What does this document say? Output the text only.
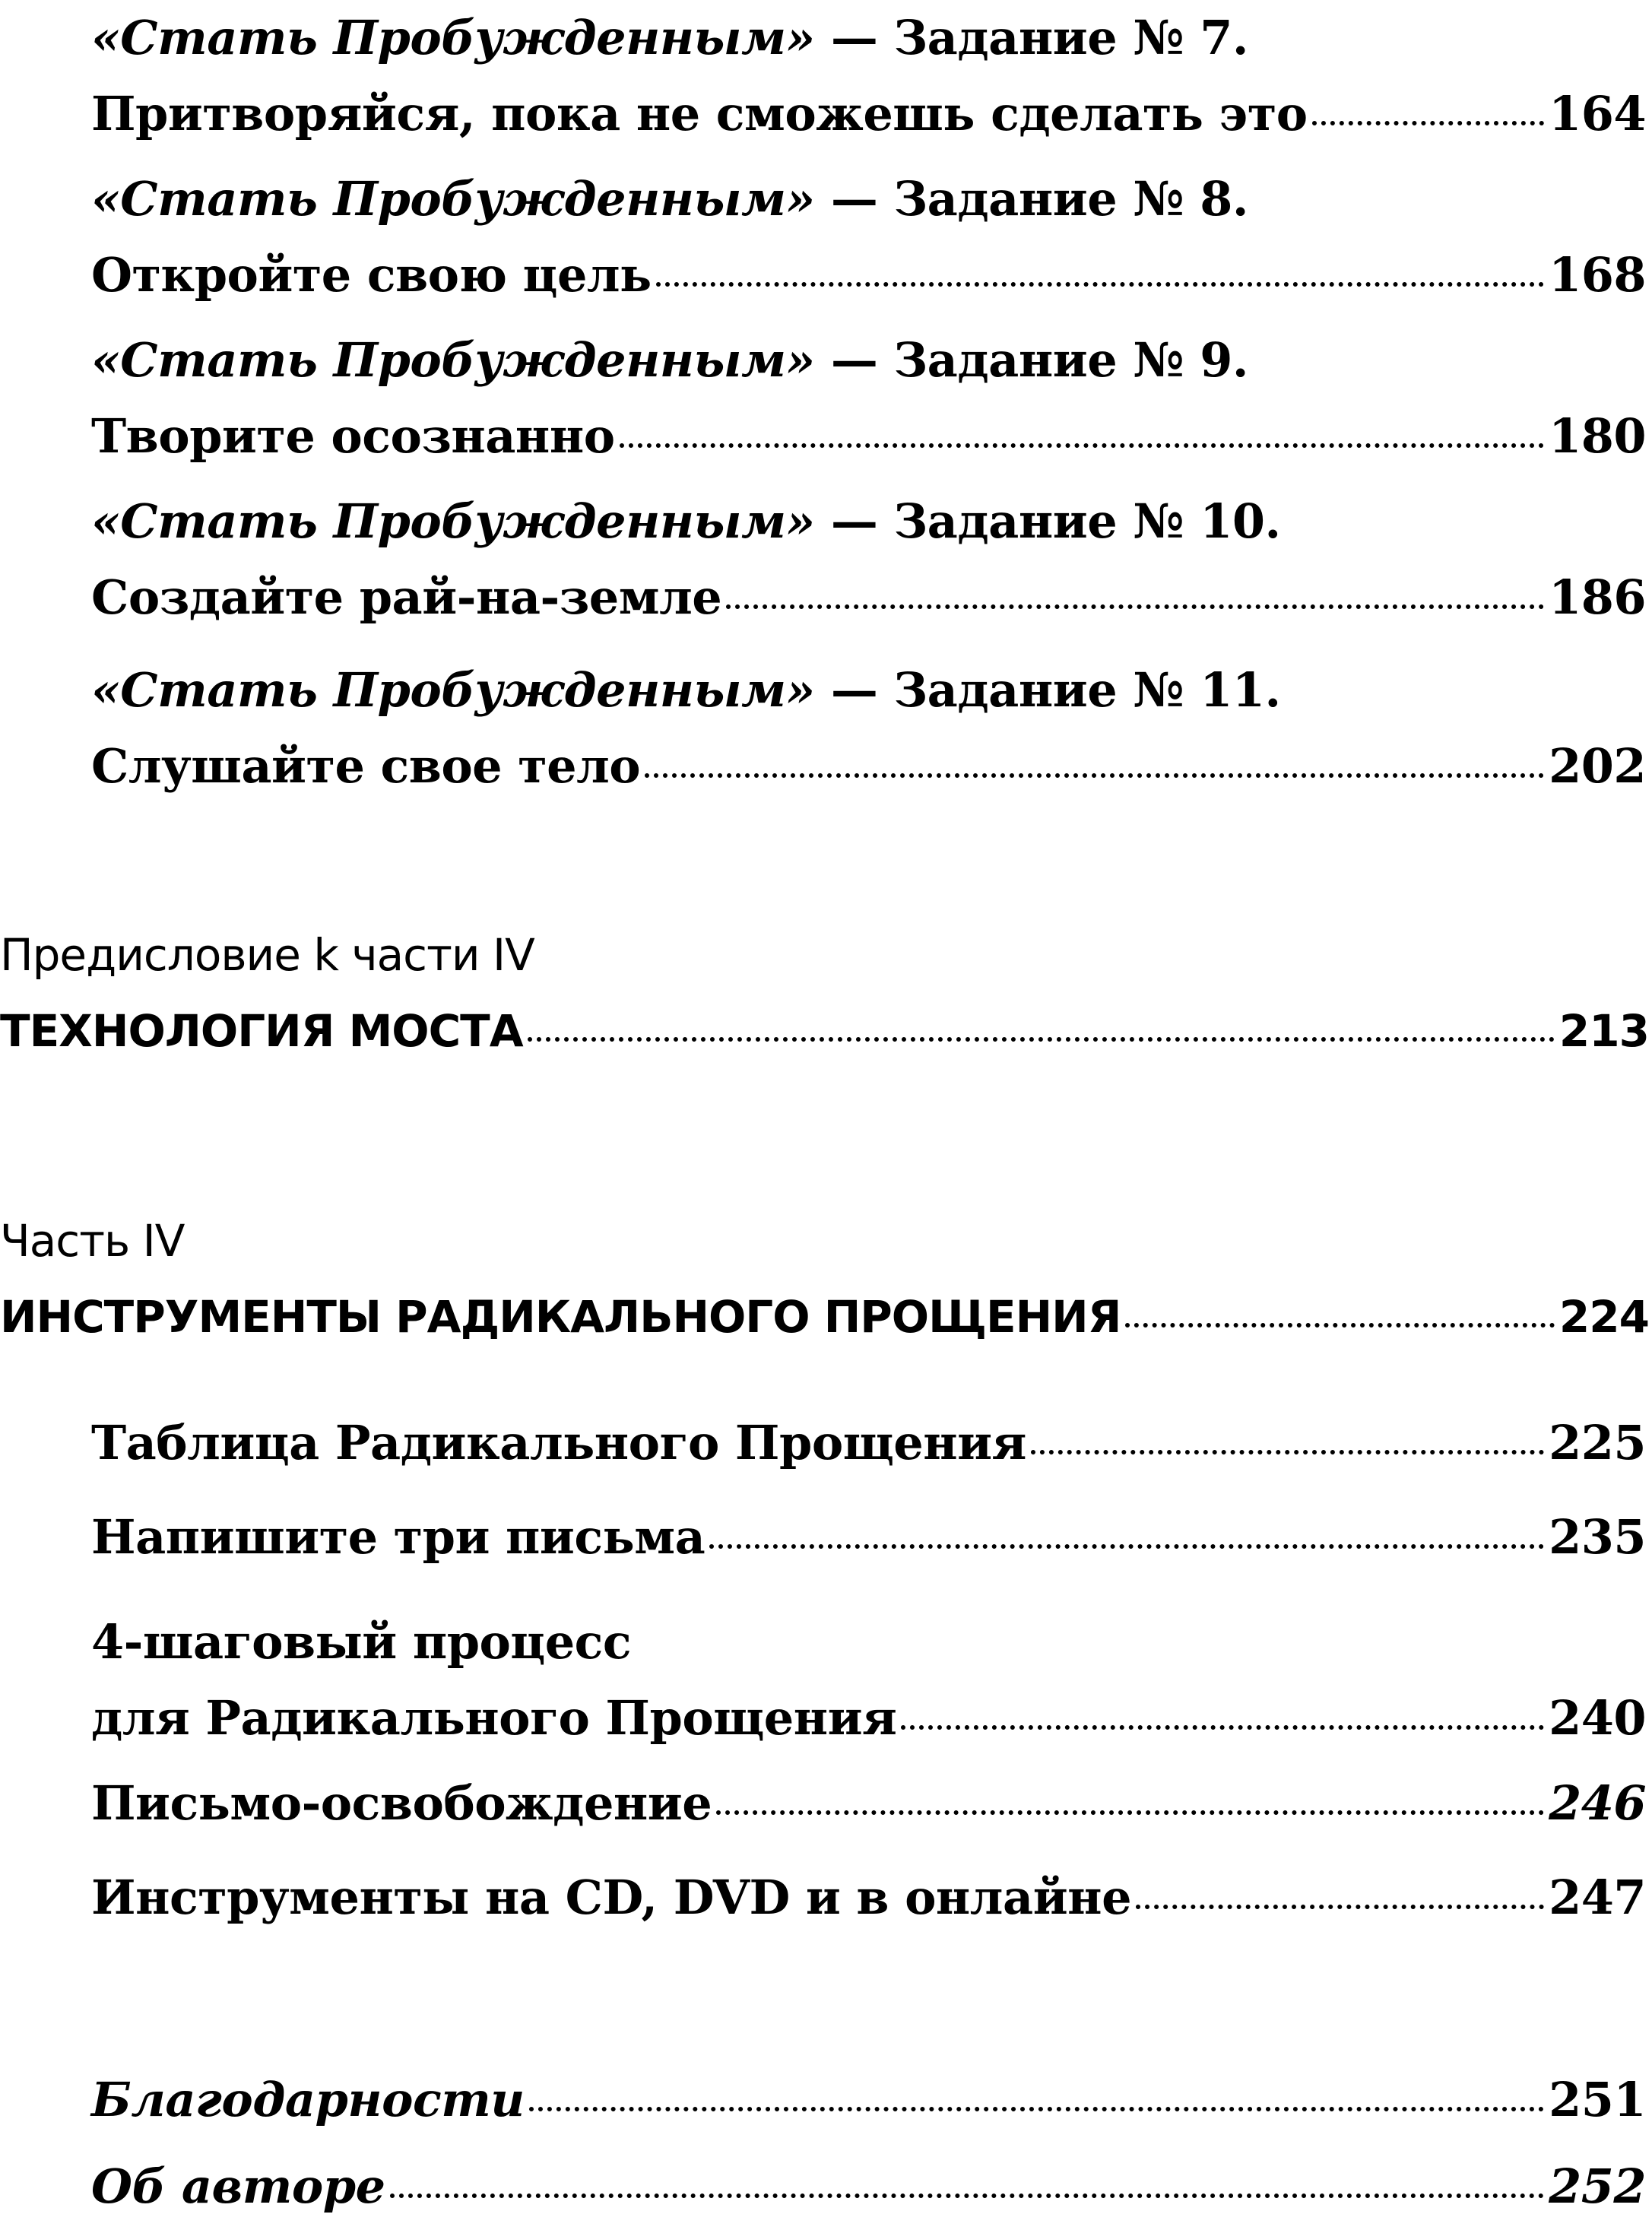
«Стать Пробужденным» — Задание № 7.
Притворяйся, пока не сможешь сделать это	164
«Стать Пробужденным» — Задание № 8.
Откройте свою цель	168
«Стать Пробужденным» — Задание № 9.
Творите осознанно	180
«Стать Пробужденным» — Задание № 10.
Создайте рай-на-земле	186
«Стать Пробужденным» — Задание № 11.
Слушайте свое тело	202
Предисловие k части IV
ТЕХНОЛОГИЯ МОСТА	213
Часть IV
ИНСТРУМЕНТЫ РАДИКАЛЬНОГО ПРОЩЕНИЯ	224
Таблица Радикального Прощения	225
Напишите три письма	235
4-шаговый процесс
для Радикального Прощения	240
Письмо-освобождение	246
Инструменты на CD, DVD и в онлайне	247
Благодарности	251
Об авторе	252
